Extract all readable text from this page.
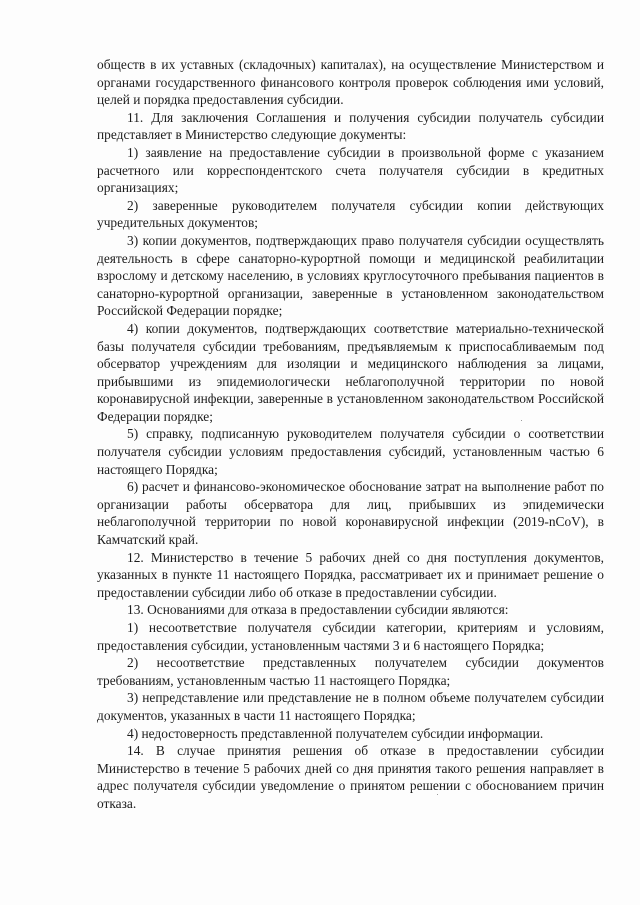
обществ в их уставных (складочных) капиталах), на осуществление Министерством и органами государственного финансового контроля проверок соблюдения ими условий, целей и порядка предоставления субсидии.

11. Для заключения Соглашения и получения субсидии получатель субсидии представляет в Министерство следующие документы:

1) заявление на предоставление субсидии в произвольной форме с указанием расчетного или корреспондентского счета получателя субсидии в кредитных организациях;

2) заверенные руководителем получателя субсидии копии действующих учредительных документов;

3) копии документов, подтверждающих право получателя субсидии осуществлять деятельность в сфере санаторно-курортной помощи и медицинской реабилитации взрослому и детскому населению, в условиях круглосуточного пребывания пациентов в санаторно-курортной организации, заверенные в установленном законодательством Российской Федерации порядке;

4) копии документов, подтверждающих соответствие материально-технической базы получателя субсидии требованиям, предъявляемым к приспосабливаемым под обсерватор учреждениям для изоляции и медицинского наблюдения за лицами, прибывшими из эпидемиологически неблагополучной территории по новой коронавирусной инфекции, заверенные в установленном законодательством Российской Федерации порядке;

5) справку, подписанную руководителем получателя субсидии о соответствии получателя субсидии условиям предоставления субсидий, установленным частью 6 настоящего Порядка;

6) расчет и финансово-экономическое обоснование затрат на выполнение работ по организации работы обсерватора для лиц, прибывших из эпидемически неблагополучной территории по новой коронавирусной инфекции (2019-nCoV), в Камчатский край.

12. Министерство в течение 5 рабочих дней со дня поступления документов, указанных в пункте 11 настоящего Порядка, рассматривает их и принимает решение о предоставлении субсидии либо об отказе в предоставлении субсидии.

13. Основаниями для отказа в предоставлении субсидии являются:

1) несоответствие получателя субсидии категории, критериям и условиям, предоставления субсидии, установленным частями 3 и 6 настоящего Порядка;

2) несоответствие представленных получателем субсидии документов требованиям, установленным частью 11 настоящего Порядка;

3) непредставление или представление не в полном объеме получателем субсидии документов, указанных в части 11 настоящего Порядка;

4) недостоверность представленной получателем субсидии информации.

14. В случае принятия решения об отказе в предоставлении субсидии Министерство в течение 5 рабочих дней со дня принятия такого решения направляет в адрес получателя субсидии уведомление о принятом решении с обоснованием причин отказа.
